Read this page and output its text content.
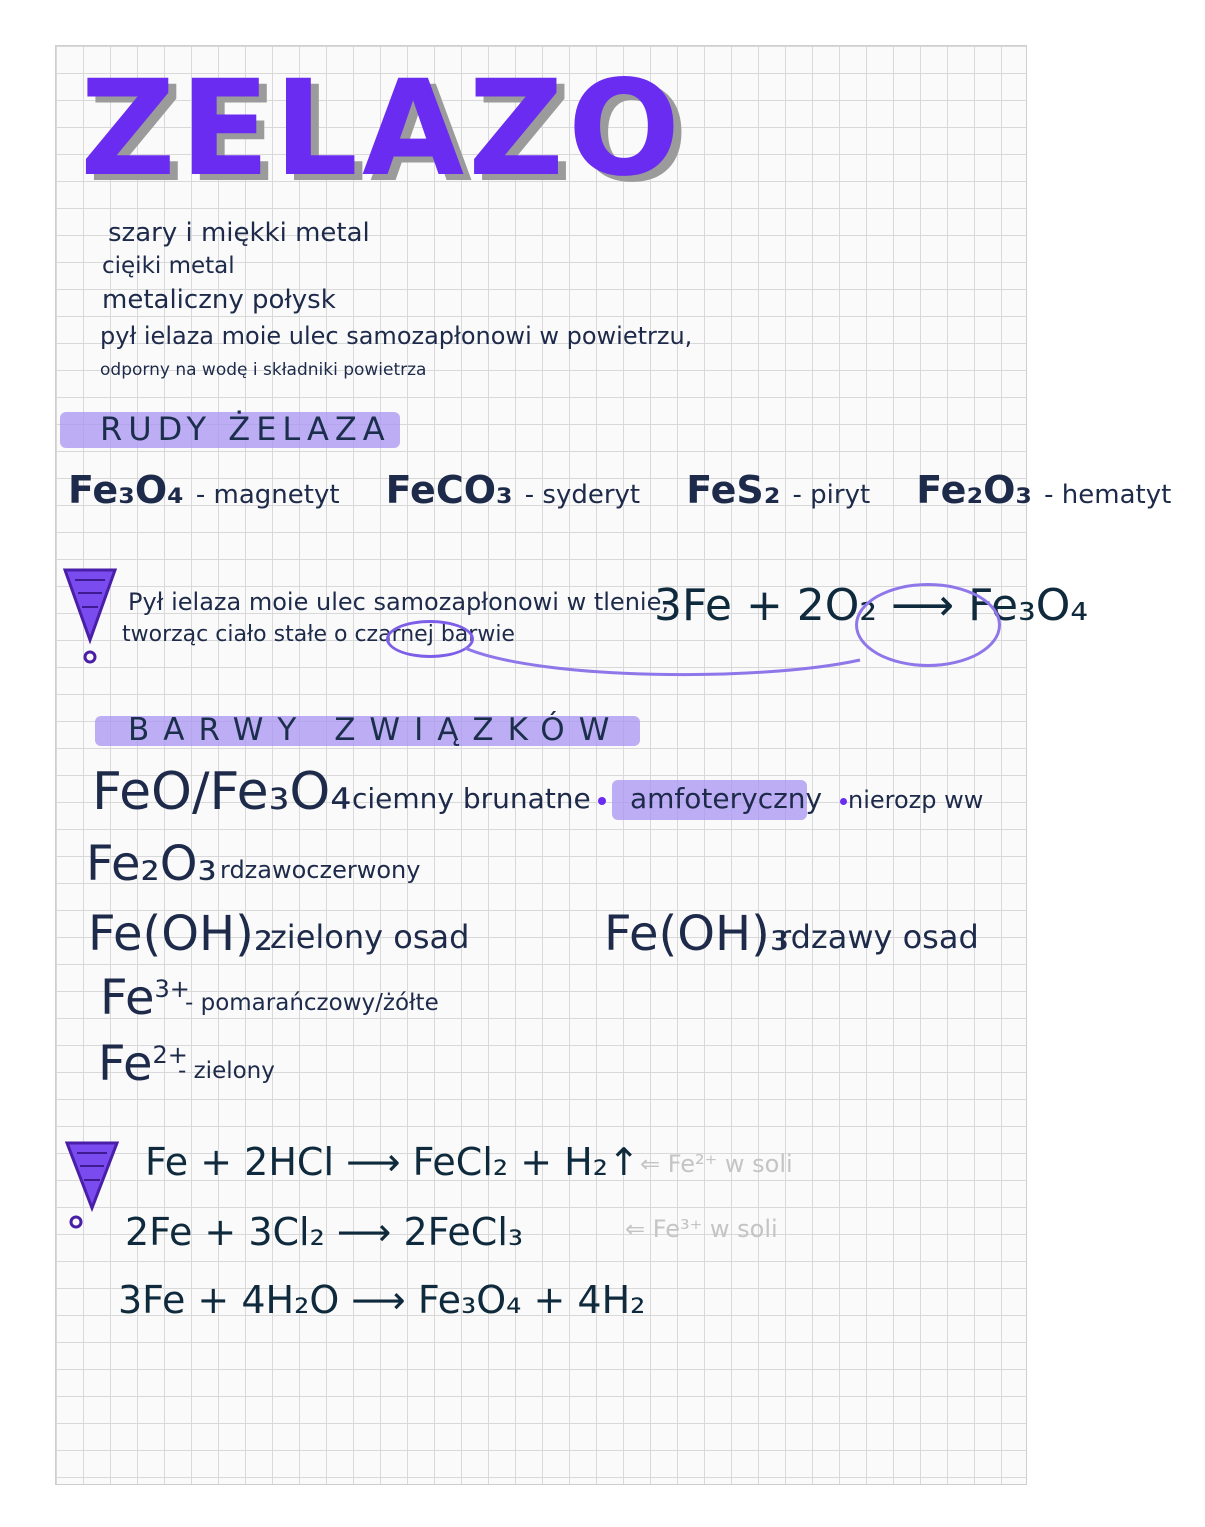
ZELAZO
szary i miękki metal
cięiki metal
metaliczny połysk
pył ielaza moie ulec samozapłonowi w powietrzu,
odporny na wodę i składniki powietrza
RUDY ŻELAZA
Fe₃O₄ - magnetyt FeCO₃ - syderyt FeS₂ - piryt Fe₂O₃ - hematyt
Pył ielaza moie ulec samozapłonowi w tlenie,
tworząc ciało stałe o czarnej barwie
3Fe + 2O₂ ⟶ Fe₃O₄
BARWY ZWIĄZKÓW
FeO/Fe₃O₄ ciemny brunatne amfoteryczny nierozp ww
Fe₂O₃ rdzawoczerwony
Fe(OH)₂
zielony osad	Fe(OH)₃
rdzawy osad
$Fe^{3+}$
- pomarańczowy/żółte
$Fe^{2+}$
- zielony
Fe + 2HCl ⟶ FeCl₂ + H₂↑ ⇐ Fe²⁺ w soli
2Fe + 3Cl₂ ⟶ 2FeCl₃	⇐ Fe³⁺ w soli
3Fe + 4H₂O ⟶ Fe₃O₄ + 4H₂
